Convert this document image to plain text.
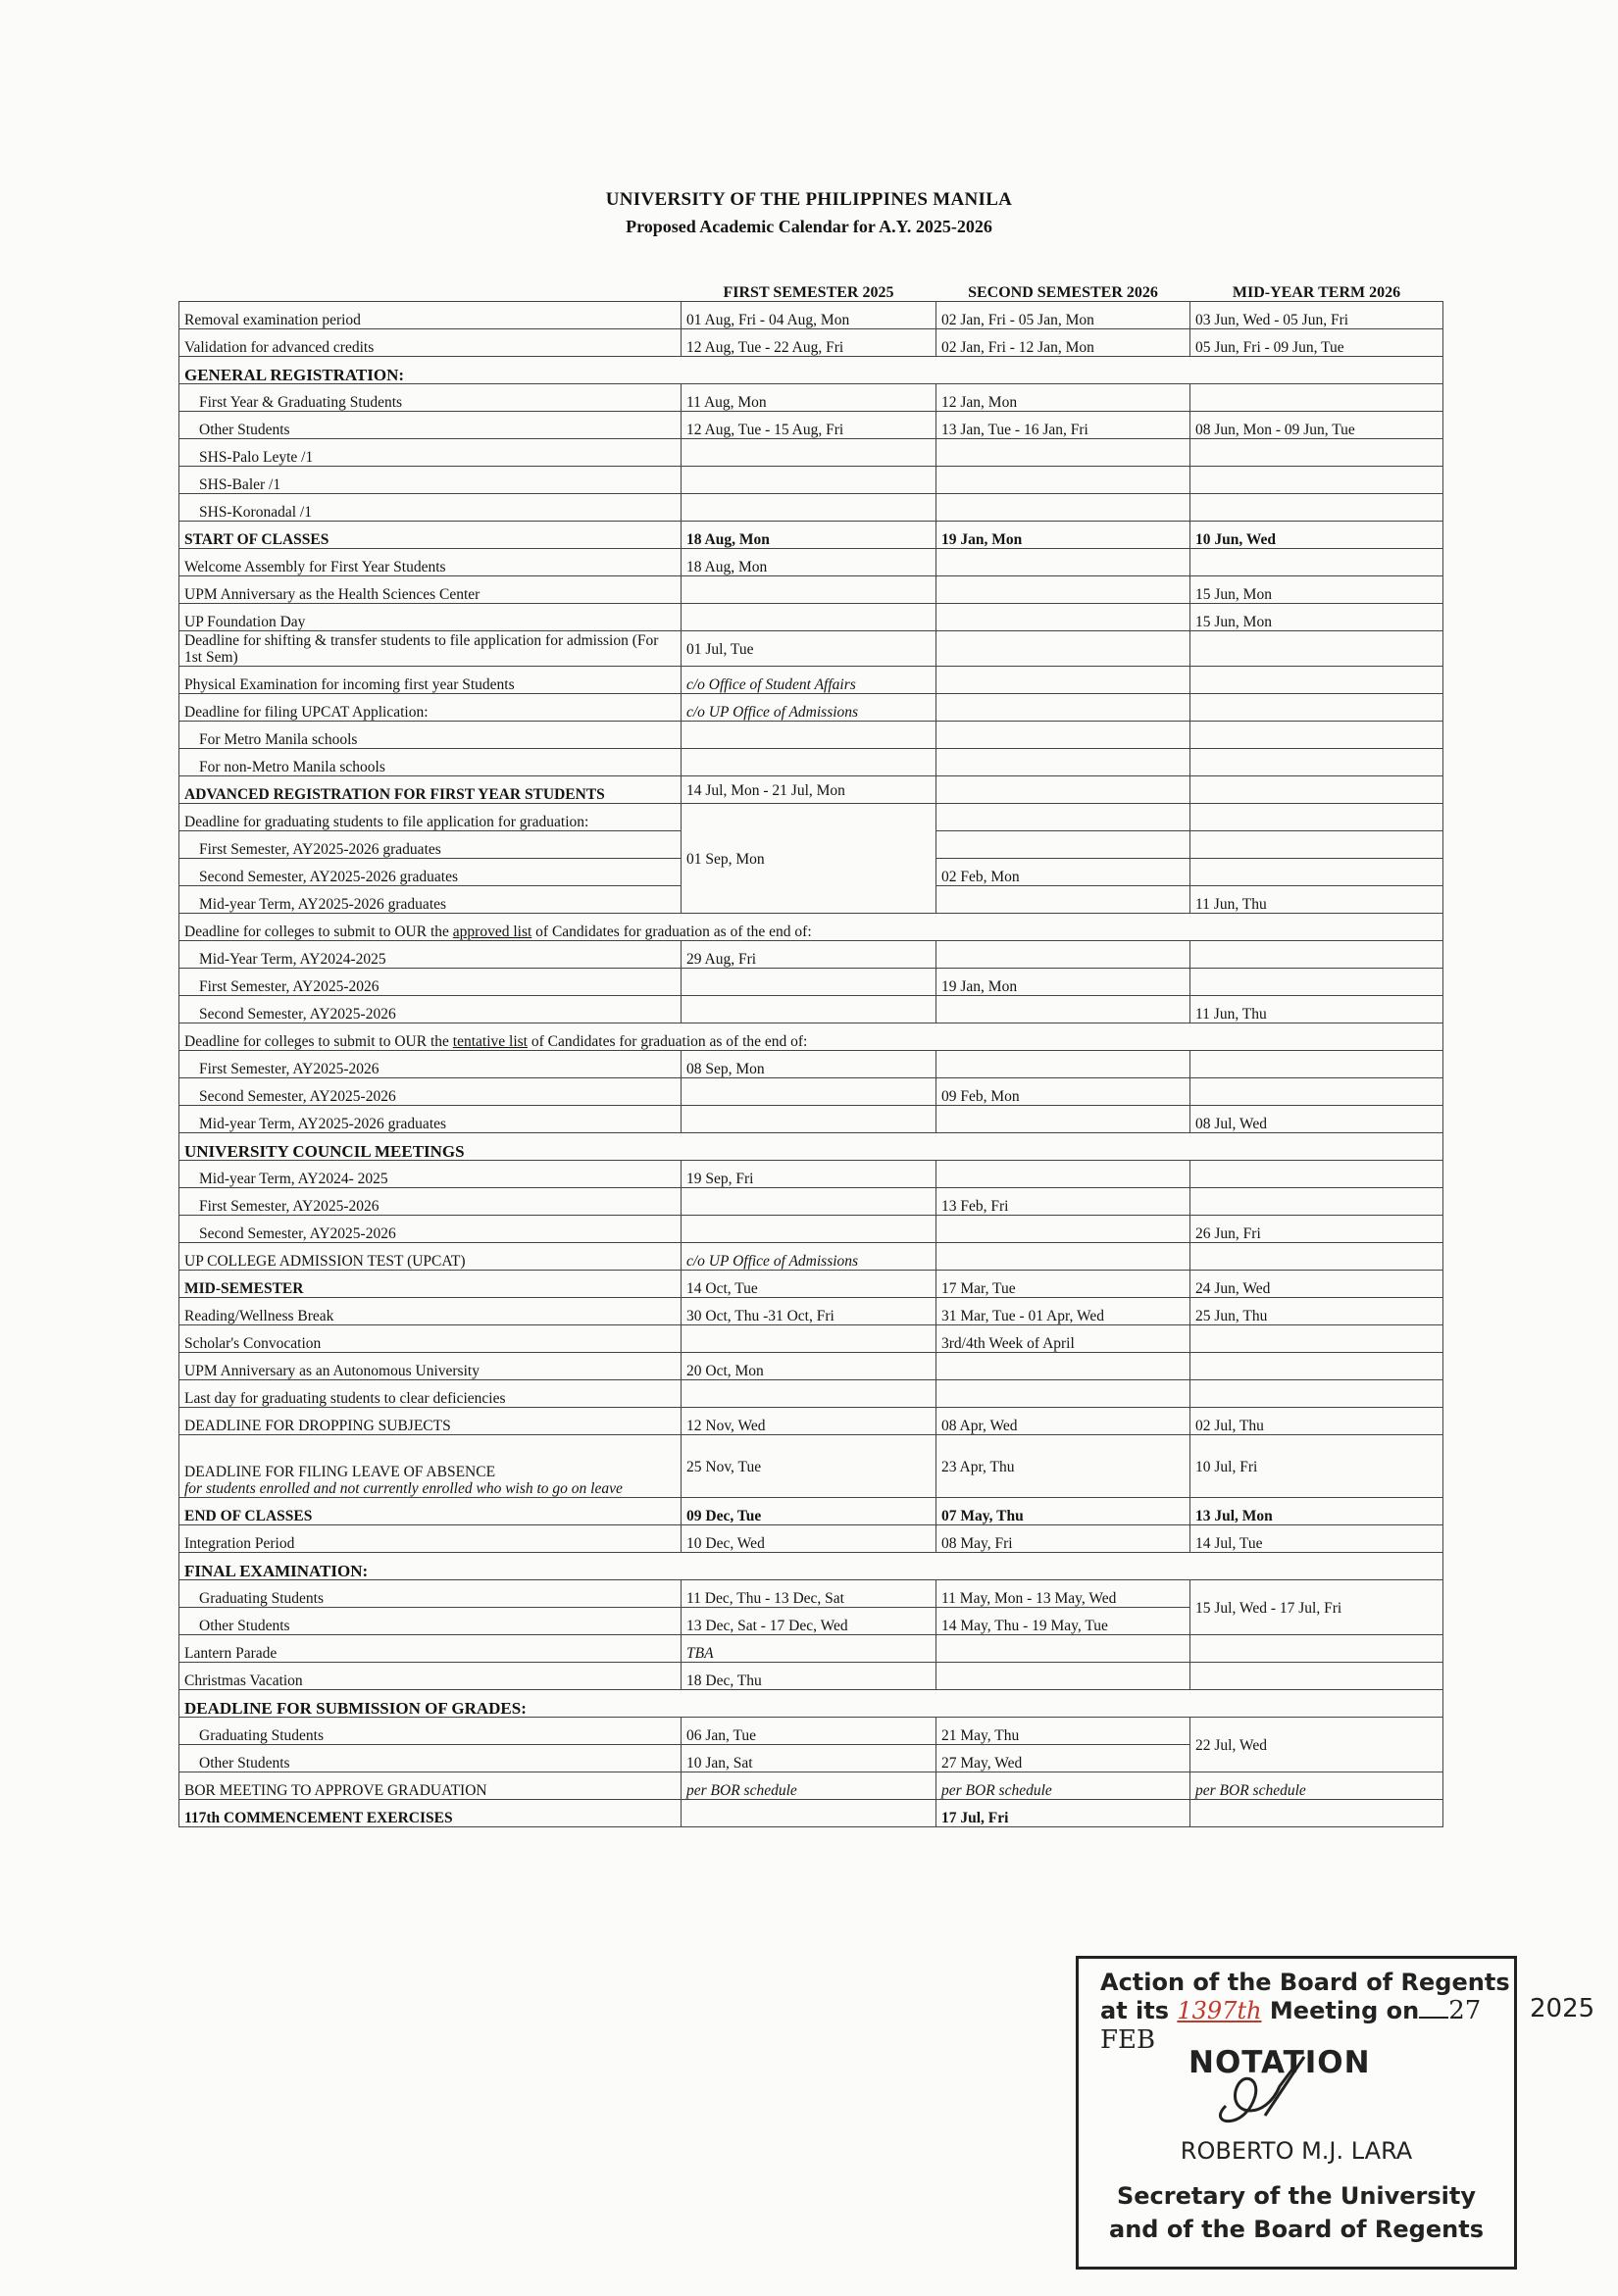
UNIVERSITY OF THE PHILIPPINES MANILA
Proposed Academic Calendar for A.Y. 2025-2026
	FIRST SEMESTER 2025	SECOND SEMESTER 2026	MID-YEAR TERM 2026
Removal examination period	01 Aug, Fri - 04 Aug, Mon	02 Jan, Fri - 05 Jan, Mon	03 Jun, Wed - 05 Jun, Fri
Validation for advanced credits	12 Aug, Tue - 22 Aug, Fri	02 Jan, Fri - 12 Jan, Mon	05 Jun, Fri - 09 Jun, Tue
GENERAL REGISTRATION:			
First Year & Graduating Students	11 Aug, Mon	12 Jan, Mon	
Other Students	12 Aug, Tue - 15 Aug, Fri	13 Jan, Tue - 16 Jan, Fri	08 Jun, Mon - 09 Jun, Tue
SHS-Palo Leyte /1			
SHS-Baler /1			
SHS-Koronadal /1			
START OF CLASSES	18 Aug, Mon	19 Jan, Mon	10 Jun, Wed
Welcome Assembly for First Year Students	18 Aug, Mon		
UPM Anniversary as the Health Sciences Center			15 Jun, Mon
UP Foundation Day			15 Jun, Mon
Deadline for shifting & transfer students to file application for admission (For 1st Sem)	01 Jul, Tue		
Physical Examination for incoming first year Students	c/o Office of Student Affairs		
Deadline for filing UPCAT Application:	c/o UP Office of Admissions		
For Metro Manila schools			
For non-Metro Manila schools			
ADVANCED REGISTRATION FOR FIRST YEAR STUDENTS	14 Jul, Mon - 21 Jul, Mon		
Deadline for graduating students to file application for graduation:	01 Sep, Mon		
First Semester, AY2025-2026 graduates			
Second Semester, AY2025-2026 graduates		02 Feb, Mon	
Mid-year Term, AY2025-2026 graduates			11 Jun, Thu
Deadline for colleges to submit to OUR the approved list of Candidates for graduation as of the end of:			
Mid-Year Term, AY2024-2025	29 Aug, Fri		
First Semester, AY2025-2026		19 Jan, Mon	
Second Semester, AY2025-2026			11 Jun, Thu
Deadline for colleges to submit to OUR the tentative list of Candidates for graduation as of the end of:			
First Semester, AY2025-2026	08 Sep, Mon		
Second Semester, AY2025-2026		09 Feb, Mon	
Mid-year Term, AY2025-2026 graduates			08 Jul, Wed
UNIVERSITY COUNCIL MEETINGS			
Mid-year Term, AY2024- 2025	19 Sep, Fri		
First Semester, AY2025-2026		13 Feb, Fri	
Second Semester, AY2025-2026			26 Jun, Fri
UP COLLEGE ADMISSION TEST (UPCAT)	c/o UP Office of Admissions		
MID-SEMESTER	14 Oct, Tue	17 Mar, Tue	24 Jun, Wed
Reading/Wellness Break	30 Oct, Thu -31 Oct, Fri	31 Mar, Tue - 01 Apr, Wed	25 Jun, Thu
Scholar's Convocation		3rd/4th Week of April	
UPM Anniversary as an Autonomous University	20 Oct, Mon		
Last day for graduating students to clear deficiencies			
DEADLINE FOR DROPPING SUBJECTS	12 Nov, Wed	08 Apr, Wed	02 Jul, Thu

DEADLINE FOR FILING LEAVE OF ABSENCE
for students enrolled and not currently enrolled who wish to go on leave	25 Nov, Tue	23 Apr, Thu	10 Jul, Fri
END OF CLASSES	09 Dec, Tue	07 May, Thu	13 Jul, Mon
Integration Period	10 Dec, Wed	08 May, Fri	14 Jul, Tue
FINAL EXAMINATION:			
Graduating Students	11 Dec, Thu - 13 Dec, Sat	11 May, Mon - 13 May, Wed	15 Jul, Wed - 17 Jul, Fri
Other Students	13 Dec, Sat - 17 Dec, Wed	14 May, Thu - 19 May, Tue	
Lantern Parade	TBA		
Christmas Vacation	18 Dec, Thu		
DEADLINE FOR SUBMISSION OF GRADES:			
Graduating Students	06 Jan, Tue	21 May, Thu	22 Jul, Wed
Other Students	10 Jan, Sat	27 May, Wed	
BOR MEETING TO APPROVE GRADUATION	per BOR schedule	per BOR schedule	per BOR schedule
117th COMMENCEMENT EXERCISES		17 Jul, Fri	
Action of the Board of Regents
at its 1397th Meeting on 27 FEB
NOTATION
ROBERTO M.J. LARA
Secretary of the University
and of the Board of Regents
2025
